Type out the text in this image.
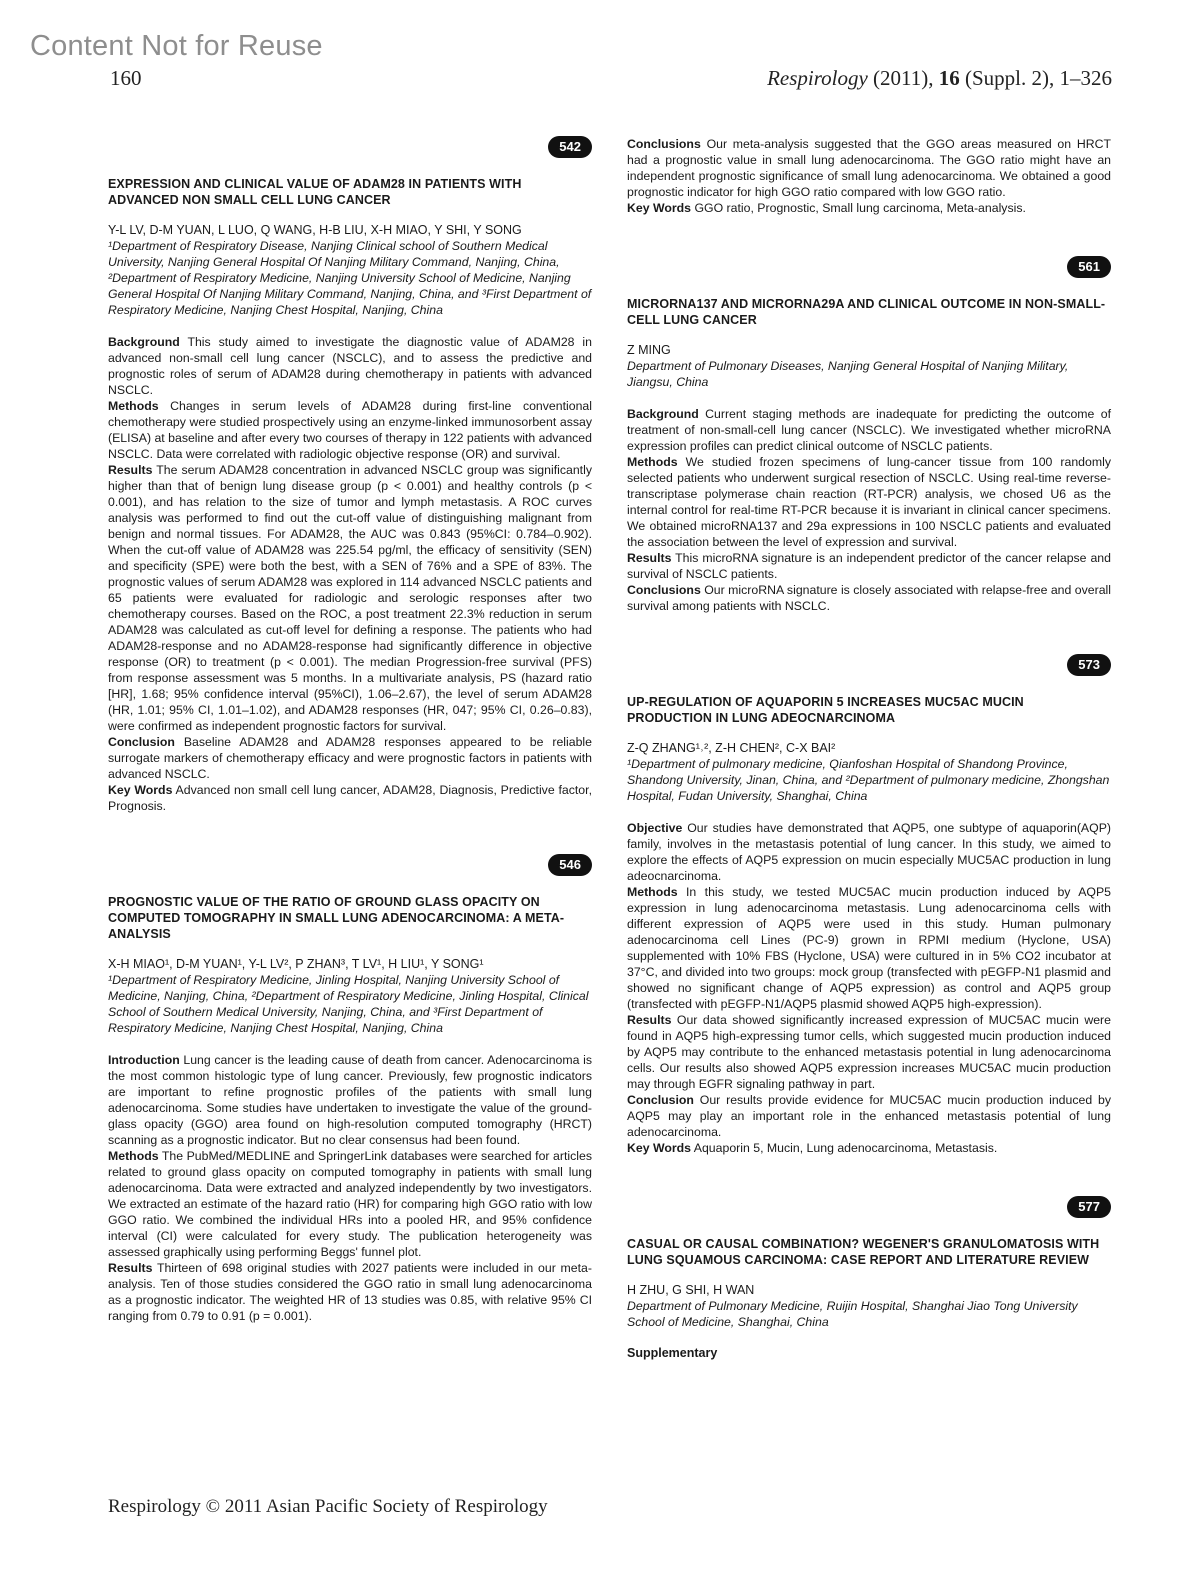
Content Not for Reuse
160	Respirology (2011), 16 (Suppl. 2), 1–326
542
EXPRESSION AND CLINICAL VALUE OF ADAM28 IN PATIENTS WITH ADVANCED NON SMALL CELL LUNG CANCER
Y-L LV, D-M YUAN, L LUO, Q WANG, H-B LIU, X-H MIAO, Y SHI, Y SONG
¹Department of Respiratory Disease, Nanjing Clinical school of Southern Medical University, Nanjing General Hospital Of Nanjing Military Command, Nanjing, China, ²Department of Respiratory Medicine, Nanjing University School of Medicine, Nanjing General Hospital Of Nanjing Military Command, Nanjing, China, and ³First Department of Respiratory Medicine, Nanjing Chest Hospital, Nanjing, China

Background This study aimed to investigate the diagnostic value of ADAM28 in advanced non-small cell lung cancer (NSCLC), and to assess the predictive and prognostic roles of serum of ADAM28 during chemotherapy in patients with advanced NSCLC.

Methods Changes in serum levels of ADAM28 during first-line conventional chemotherapy were studied prospectively using an enzyme-linked immunosorbent assay (ELISA) at baseline and after every two courses of therapy in 122 patients with advanced NSCLC. Data were correlated with radiologic objective response (OR) and survival.

Results The serum ADAM28 concentration in advanced NSCLC group was significantly higher than that of benign lung disease group (p < 0.001) and healthy controls (p < 0.001), and has relation to the size of tumor and lymph metastasis. A ROC curves analysis was performed to find out the cut-off value of distinguishing malignant from benign and normal tissues. For ADAM28, the AUC was 0.843 (95%CI: 0.784–0.902). When the cut-off value of ADAM28 was 225.54 pg/ml, the efficacy of sensitivity (SEN) and specificity (SPE) were both the best, with a SEN of 76% and a SPE of 83%. The prognostic values of serum ADAM28 was explored in 114 advanced NSCLC patients and 65 patients were evaluated for radiologic and serologic responses after two chemotherapy courses. Based on the ROC, a post treatment 22.3% reduction in serum ADAM28 was calculated as cut-off level for defining a response. The patients who had ADAM28-response and no ADAM28-response had significantly difference in objective response (OR) to treatment (p < 0.001). The median Progression-free survival (PFS) from response assessment was 5 months. In a multivariate analysis, PS (hazard ratio [HR], 1.68; 95% confidence interval (95%CI), 1.06–2.67), the level of serum ADAM28 (HR, 1.01; 95% CI, 1.01–1.02), and ADAM28 responses (HR, 047; 95% CI, 0.26–0.83), were confirmed as independent prognostic factors for survival.

Conclusion Baseline ADAM28 and ADAM28 responses appeared to be reliable surrogate markers of chemotherapy efficacy and were prognostic factors in patients with advanced NSCLC.

Key Words Advanced non small cell lung cancer, ADAM28, Diagnosis, Predictive factor, Prognosis.

546
PROGNOSTIC VALUE OF THE RATIO OF GROUND GLASS OPACITY ON COMPUTED TOMOGRAPHY IN SMALL LUNG ADENOCARCINOMA: A META-ANALYSIS
X-H MIAO¹, D-M YUAN¹, Y-L LV², P ZHAN³, T LV¹, H LIU¹, Y SONG¹
¹Department of Respiratory Medicine, Jinling Hospital, Nanjing University School of Medicine, Nanjing, China, ²Department of Respiratory Medicine, Jinling Hospital, Clinical School of Southern Medical University, Nanjing, China, and ³First Department of Respiratory Medicine, Nanjing Chest Hospital, Nanjing, China

Introduction Lung cancer is the leading cause of death from cancer. Adenocarcinoma is the most common histologic type of lung cancer. Previously, few prognostic indicators are important to refine prognostic profiles of the patients with small lung adenocarcinoma. Some studies have undertaken to investigate the value of the ground-glass opacity (GGO) area found on high-resolution computed tomography (HRCT) scanning as a prognostic indicator. But no clear consensus had been found.

Methods The PubMed/MEDLINE and SpringerLink databases were searched for articles related to ground glass opacity on computed tomography in patients with small lung adenocarcinoma. Data were extracted and analyzed independently by two investigators. We extracted an estimate of the hazard ratio (HR) for comparing high GGO ratio with low GGO ratio. We combined the individual HRs into a pooled HR, and 95% confidence interval (CI) were calculated for every study. The publication heterogeneity was assessed graphically using performing Beggs' funnel plot.

Results Thirteen of 698 original studies with 2027 patients were included in our meta-analysis. Ten of those studies considered the GGO ratio in small lung adenocarcinoma as a prognostic indicator. The weighted HR of 13 studies was 0.85, with relative 95% CI ranging from 0.79 to 0.91 (p = 0.001).

Conclusions Our meta-analysis suggested that the GGO areas measured on HRCT had a prognostic value in small lung adenocarcinoma. The GGO ratio might have an independent prognostic significance of small lung adenocarcinoma. We obtained a good prognostic indicator for high GGO ratio compared with low GGO ratio.

Key Words GGO ratio, Prognostic, Small lung carcinoma, Meta-analysis.

561
MICRORNA137 AND MICRORNA29A AND CLINICAL OUTCOME IN NON-SMALL-CELL LUNG CANCER
Z MING
Department of Pulmonary Diseases, Nanjing General Hospital of Nanjing Military, Jiangsu, China

Background Current staging methods are inadequate for predicting the outcome of treatment of non-small-cell lung cancer (NSCLC). We investigated whether microRNA expression profiles can predict clinical outcome of NSCLC patients.

Methods We studied frozen specimens of lung-cancer tissue from 100 randomly selected patients who underwent surgical resection of NSCLC. Using real-time reverse-transcriptase polymerase chain reaction (RT-PCR) analysis, we chosed U6 as the internal control for real-time RT-PCR because it is invariant in clinical cancer specimens. We obtained microRNA137 and 29a expressions in 100 NSCLC patients and evaluated the association between the level of expression and survival.

Results This microRNA signature is an independent predictor of the cancer relapse and survival of NSCLC patients.

Conclusions Our microRNA signature is closely associated with relapse-free and overall survival among patients with NSCLC.

573
UP-REGULATION OF AQUAPORIN 5 INCREASES MUC5AC MUCIN PRODUCTION IN LUNG ADEOCNARCINOMA
Z-Q ZHANG¹˒², Z-H CHEN², C-X BAI²
¹Department of pulmonary medicine, Qianfoshan Hospital of Shandong Province, Shandong University, Jinan, China, and ²Department of pulmonary medicine, Zhongshan Hospital, Fudan University, Shanghai, China

Objective Our studies have demonstrated that AQP5, one subtype of aquaporin(AQP) family, involves in the metastasis potential of lung cancer. In this study, we aimed to explore the effects of AQP5 expression on mucin especially MUC5AC production in lung adeocnarcinoma.

Methods In this study, we tested MUC5AC mucin production induced by AQP5 expression in lung adenocarcinoma metastasis. Lung adenocarcinoma cells with different expression of AQP5 were used in this study. Human pulmonary adenocarcinoma cell Lines (PC-9) grown in RPMI medium (Hyclone, USA) supplemented with 10% FBS (Hyclone, USA) were cultured in in 5% CO2 incubator at 37°C, and divided into two groups: mock group (transfected with pEGFP-N1 plasmid and showed no significant change of AQP5 expression) as control and AQP5 group (transfected with pEGFP-N1/AQP5 plasmid showed AQP5 high-expression).

Results Our data showed significantly increased expression of MUC5AC mucin were found in AQP5 high-expressing tumor cells, which suggested mucin production induced by AQP5 may contribute to the enhanced metastasis potential in lung adenocarcinoma cells. Our results also showed AQP5 expression increases MUC5AC mucin production may through EGFR signaling pathway in part.

Conclusion Our results provide evidence for MUC5AC mucin production induced by AQP5 may play an important role in the enhanced metastasis potential of lung adenocarcinoma.

Key Words Aquaporin 5, Mucin, Lung adenocarcinoma, Metastasis.

577
CASUAL OR CAUSAL COMBINATION? WEGENER'S GRANULOMATOSIS WITH LUNG SQUAMOUS CARCINOMA: CASE REPORT AND LITERATURE REVIEW
H ZHU, G SHI, H WAN
Department of Pulmonary Medicine, Ruijin Hospital, Shanghai Jiao Tong University School of Medicine, Shanghai, China
Supplementary
Respirology © 2011 Asian Pacific Society of Respirology
